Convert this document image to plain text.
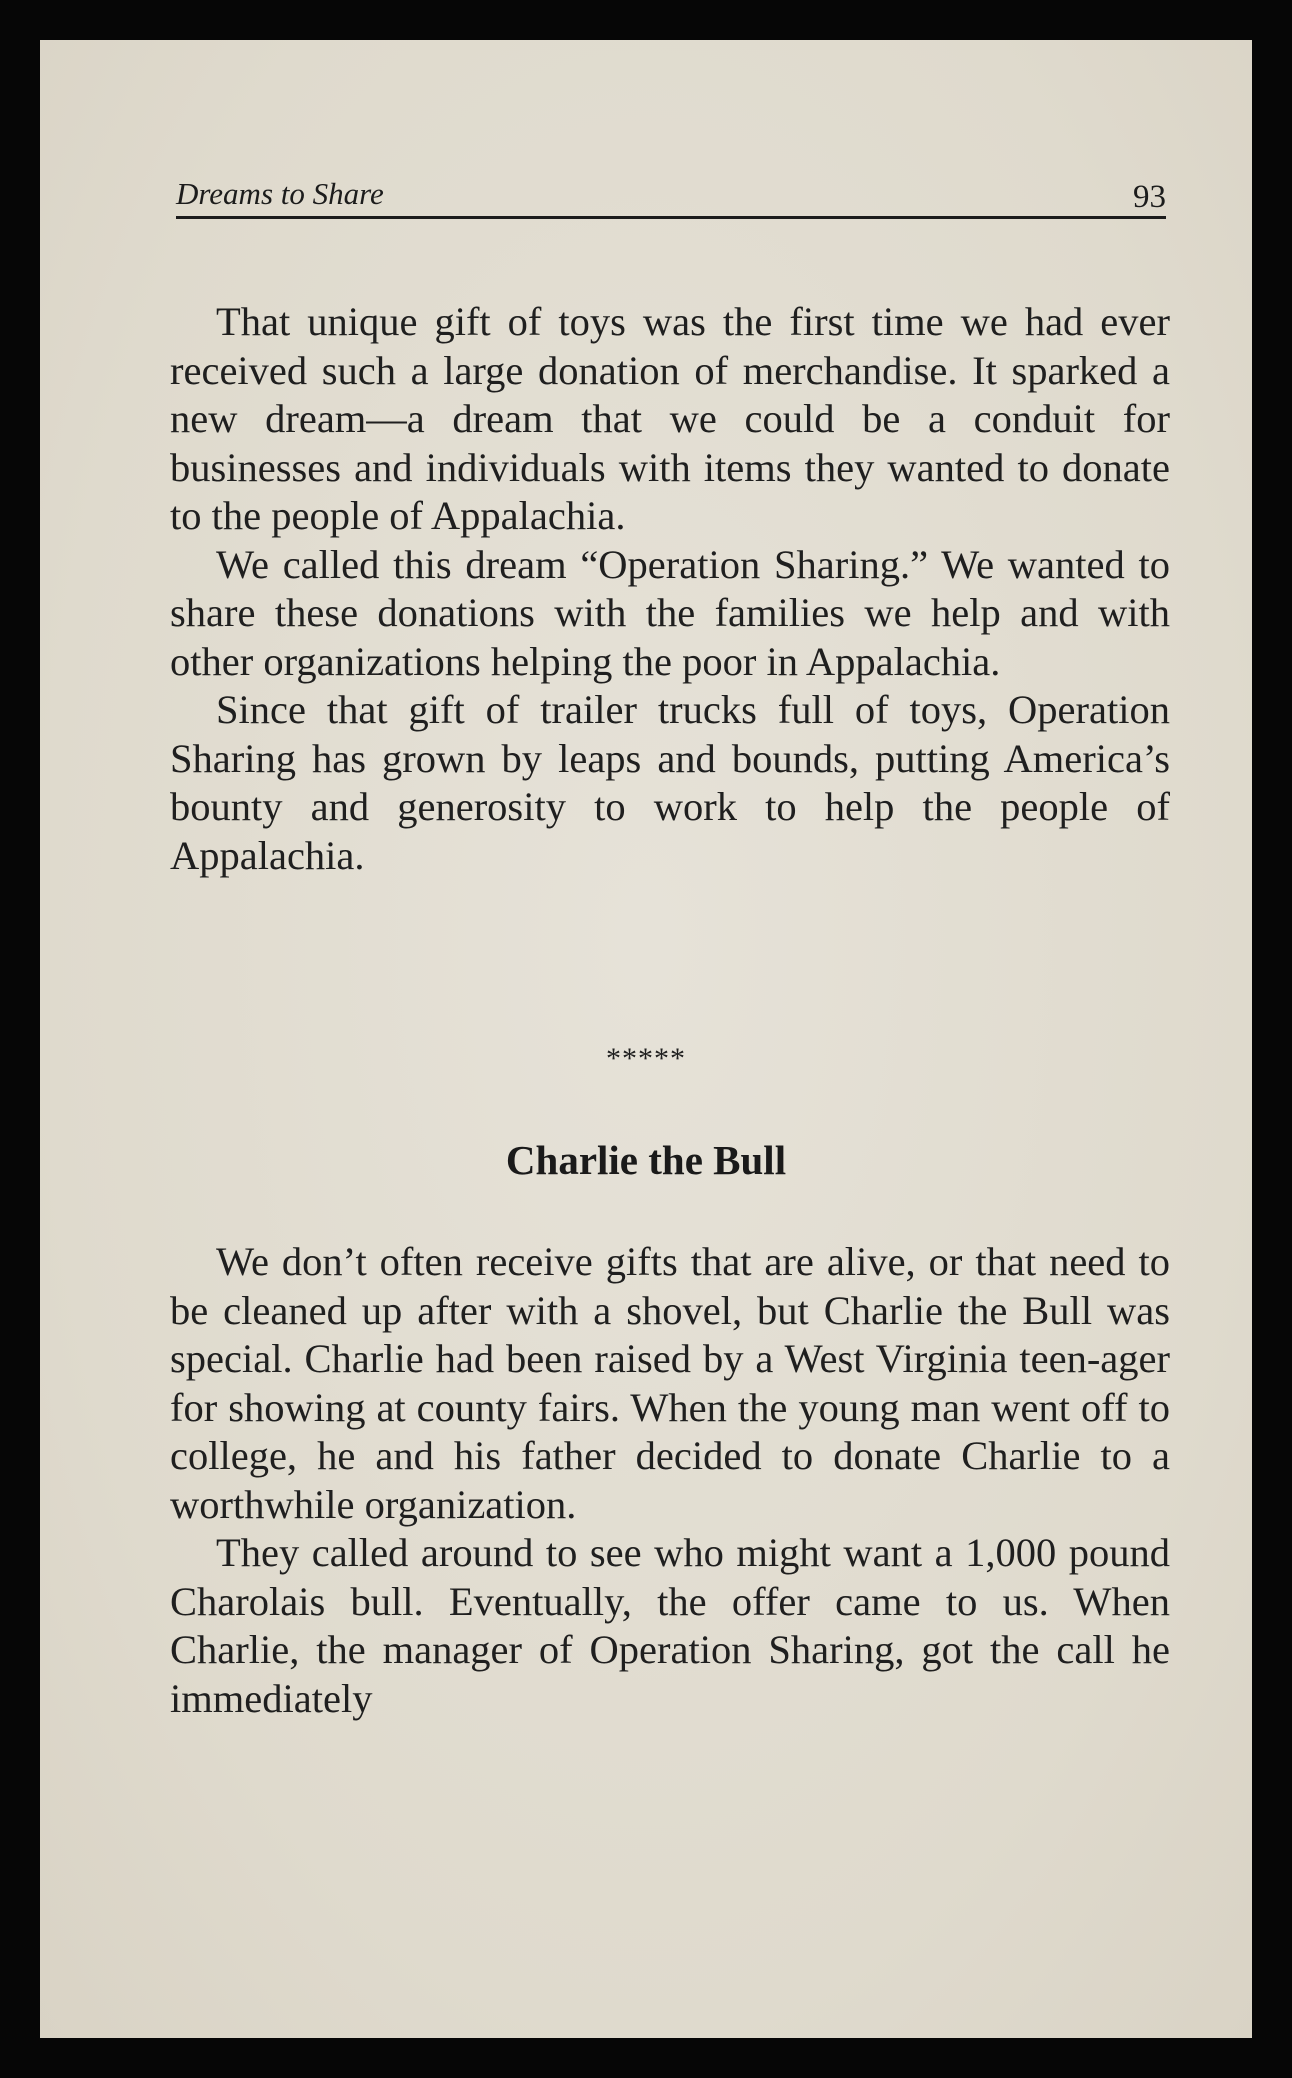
Dreams to Share	93

That unique gift of toys was the first time we had ever received such a large donation of merchandise. It sparked a new dream—a dream that we could be a conduit for businesses and individuals with items they wanted to donate to the people of Appalachia.

We called this dream “Operation Sharing.” We wanted to share these donations with the families we help and with other organizations helping the poor in Appalachia.

Since that gift of trailer trucks full of toys, Operation Sharing has grown by leaps and bounds, putting America’s bounty and generosity to work to help the people of Appalachia.

*****
Charlie the Bull

We don’t often receive gifts that are alive, or that need to be cleaned up after with a shovel, but Charlie the Bull was special. Charlie had been raised by a West Virginia teen-ager for showing at county fairs. When the young man went off to college, he and his father decided to donate Charlie to a worthwhile organization.

They called around to see who might want a 1,000 pound Charolais bull. Eventually, the offer came to us. When Charlie, the manager of Operation Sharing, got the call he immediately
